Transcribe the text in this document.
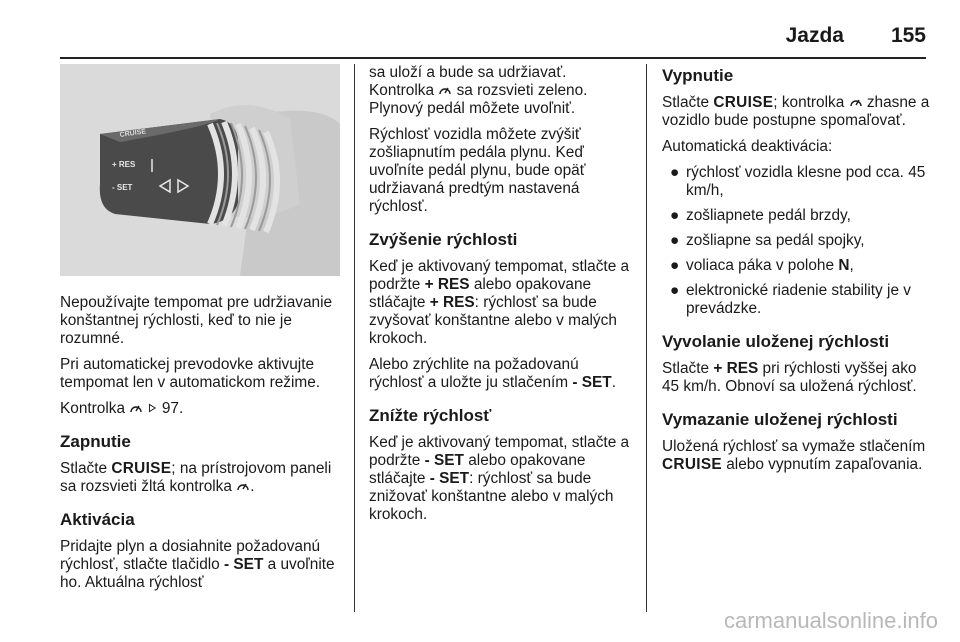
Jazda 155
CRUISE
+ RES
- SET

Nepoužívajte tempomat pre udržiavanie konštantnej rýchlosti, keď to nie je rozumné.

Pri automatickej prevodovke aktivujte tempomat len v automatickom režime.

Kontrolka 97.

Zapnutie

Stlačte CRUISE; na prístrojovom paneli sa rozsvieti žltá kontrolka .

Aktivácia

Pridajte plyn a dosiahnite požadovanú rýchlosť, stlačte tlačidlo - SET a uvoľnite ho. Aktuálna rýchlosť

sa uloží a bude sa udržiavať. Kontrolka  sa rozsvieti zeleno. Plynový pedál môžete uvoľniť.

Rýchlosť vozidla môžete zvýšiť zošliapnutím pedála plynu. Keď uvoľníte pedál plynu, bude opäť udržiavaná predtým nastavená rýchlosť.

Zvýšenie rýchlosti

Keď je aktivovaný tempomat, stlačte a podržte + RES alebo opakovane stláčajte + RES: rýchlosť sa bude zvyšovať konštantne alebo v malých krokoch.

Alebo zrýchlite na požadovanú rýchlosť a uložte ju stlačením - SET.

Znížte rýchlosť

Keď je aktivovaný tempomat, stlačte a podržte - SET alebo opakovane stláčajte - SET: rýchlosť sa bude znižovať konštantne alebo v malých krokoch.

Vypnutie

Stlačte CRUISE; kontrolka  zhasne a vozidlo bude postupne spomaľovať.

Automatická deaktivácia:

● rýchlosť vozidla klesne pod cca. 45 km/h,
● zošliapnete pedál brzdy,
● zošliapne sa pedál spojky,
● voliaca páka v polohe N,
● elektronické riadenie stability je v prevádzke.
Vyvolanie uloženej rýchlosti

Stlačte + RES pri rýchlosti vyššej ako 45 km/h. Obnoví sa uložená rýchlosť.

Vymazanie uloženej rýchlosti

Uložená rýchlosť sa vymaže stlačením CRUISE alebo vypnutím zapaľovania.

carmanualsonline.info
